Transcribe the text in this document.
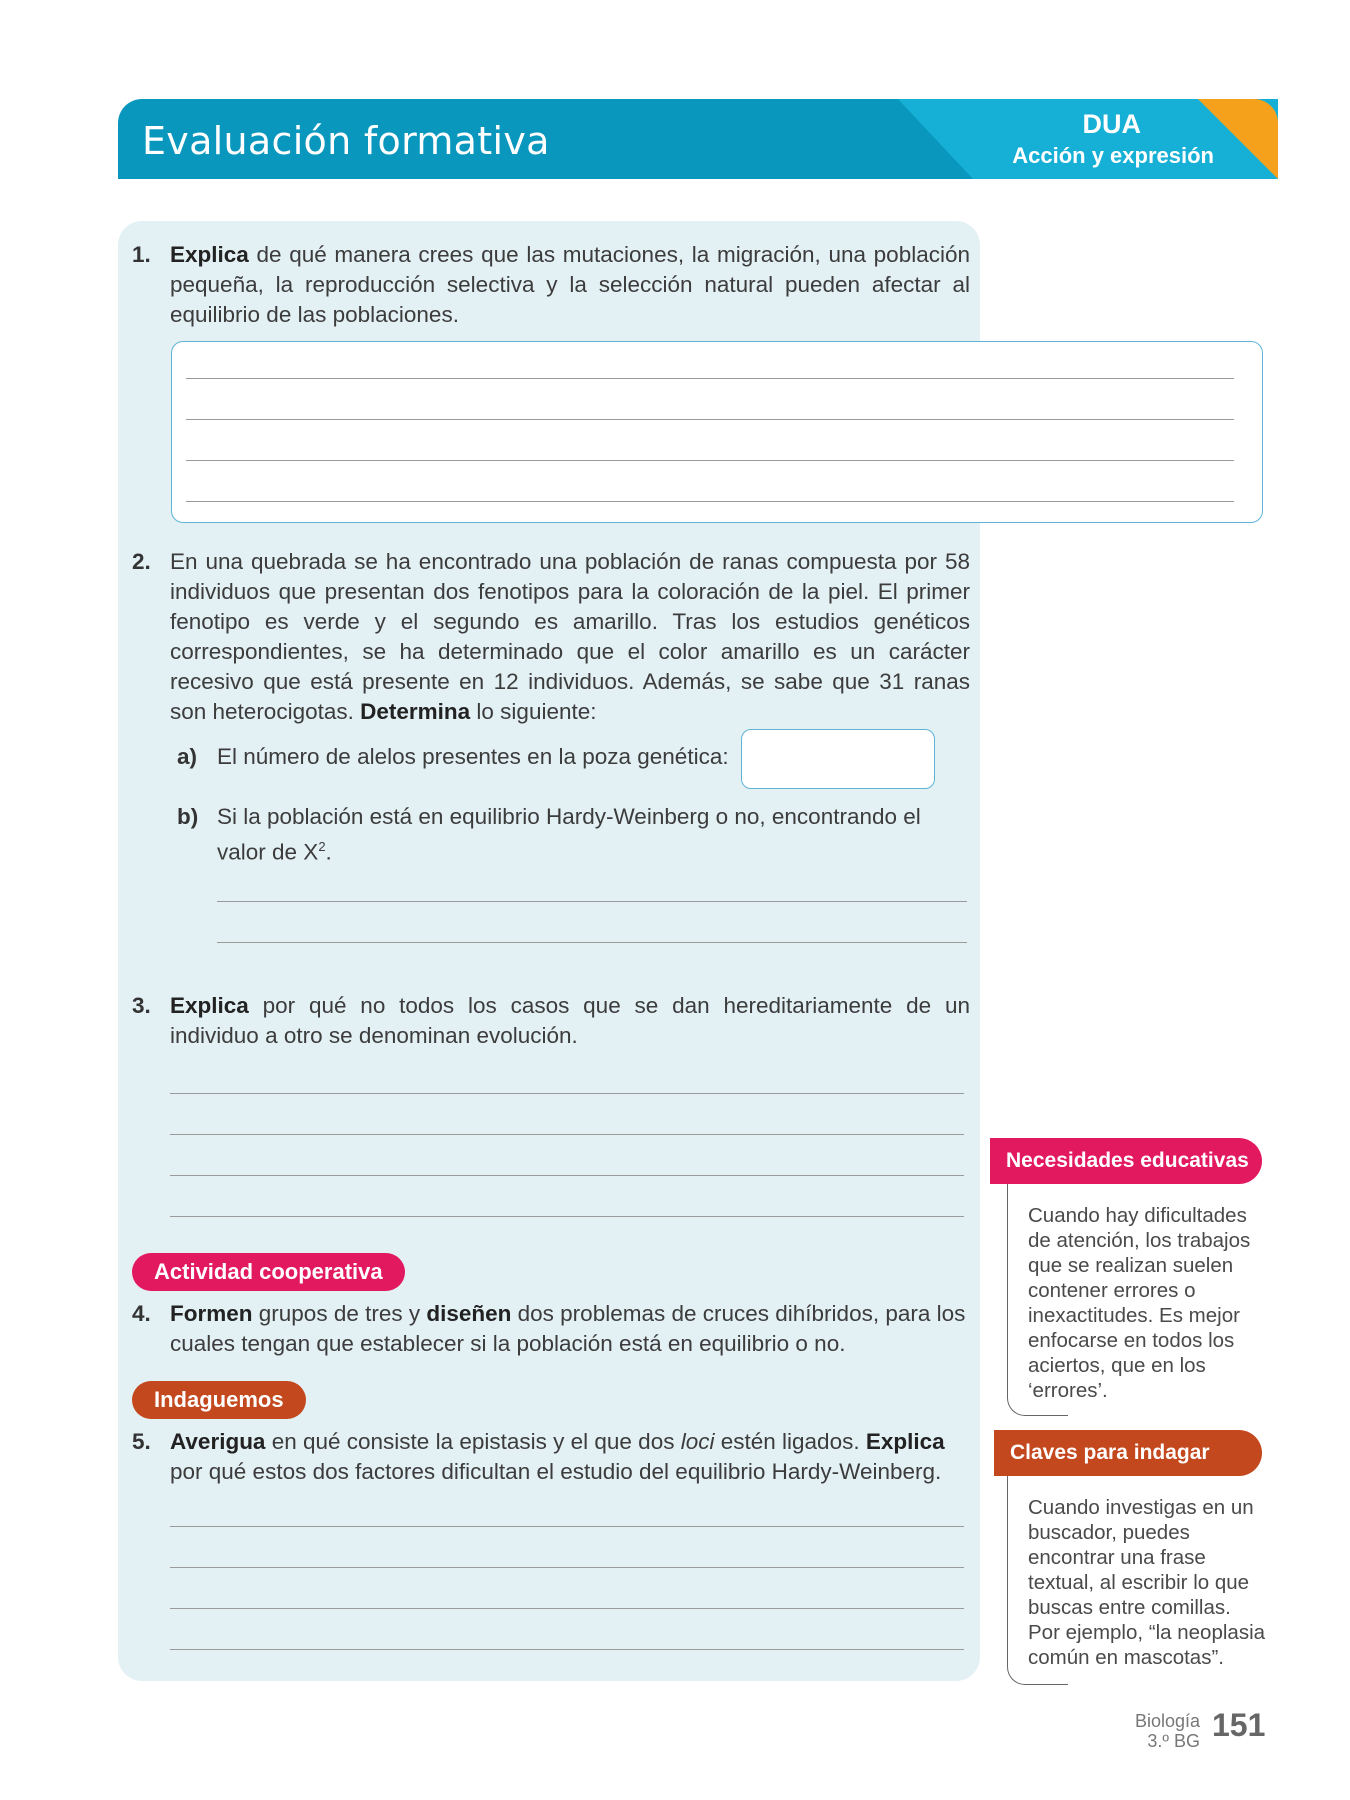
Evaluación formativa	DUA
Acción y expresión
1. Explica de qué manera crees que las mutaciones, la migración, una población pequeña, la reproducción selectiva y la selección natural pueden afectar al equilibrio de las poblaciones.
2. En una quebrada se ha encontrado una población de ranas compuesta por 58 individuos que presentan dos fenotipos para la coloración de la piel. El primer fenotipo es verde y el segundo es amarillo. Tras los estudios genéticos correspondientes, se ha determinado que el color amarillo es un carácter recesivo que está presente en 12 individuos. Además, se sabe que 31 ranas son heterocigotas. Determina lo siguiente:
a) El número de alelos presentes en la poza genética:
b) Si la población está en equilibrio Hardy-Weinberg o no, encontrando el valor de $X^2$.
3. Explica por qué no todos los casos que se dan hereditariamente de un individuo a otro se denominan evolución.
Actividad cooperativa
4. Formen grupos de tres y diseñen dos problemas de cruces dihíbridos, para los cuales tengan que establecer si la población está en equilibrio o no.
Indaguemos
5. Averigua en qué consiste la epistasis y el que dos loci estén ligados. Explica por qué estos dos factores dificultan el estudio del equilibrio Hardy-Weinberg.
Necesidades educativas
Cuando hay dificultades de atención, los trabajos que se realizan suelen contener errores o inexactitudes. Es mejor enfocarse en todos los aciertos, que en los ‘errores’.
Claves para indagar
Cuando investigas en un buscador, puedes encontrar una frase textual, al escribir lo que buscas entre comillas. Por ejemplo, “la neoplasia común en mascotas”.
Biología
3.º BG 151
